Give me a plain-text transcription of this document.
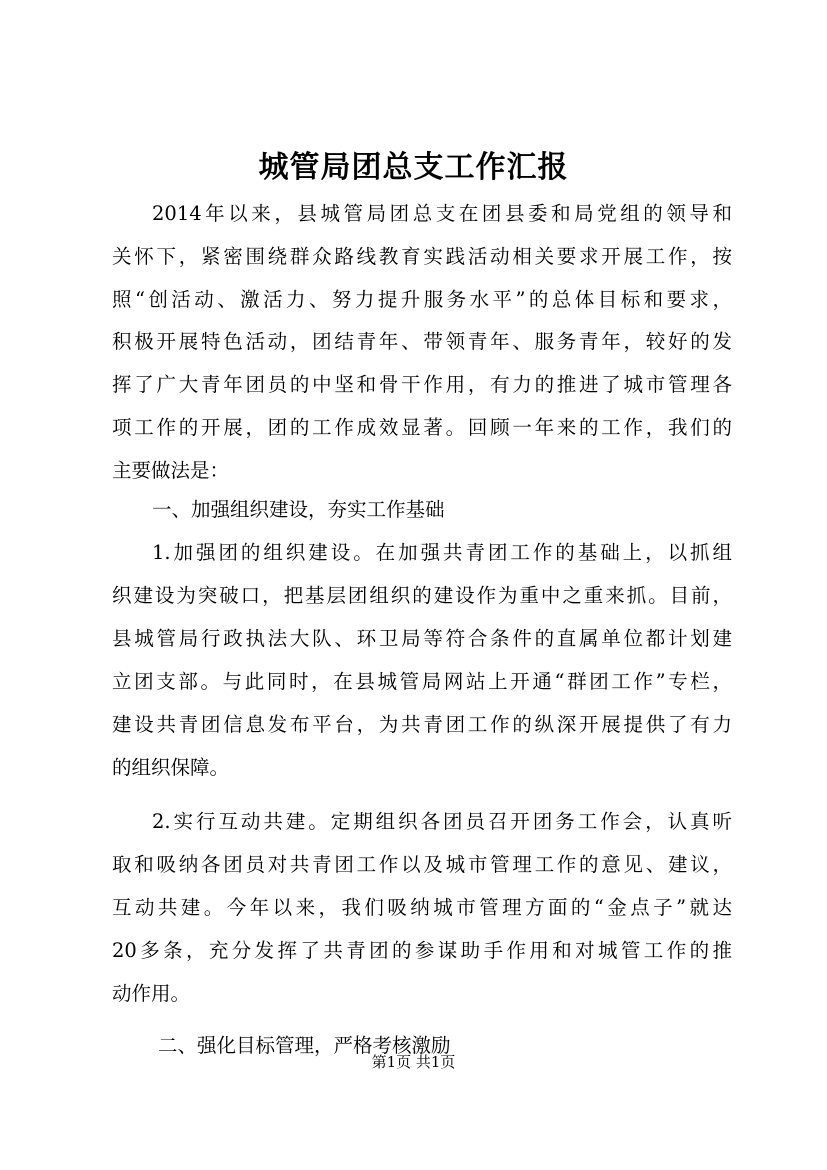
城管局团总支工作汇报
2014年以来，县城管局团总支在团县委和局党组的领导和
关怀下，紧密围绕群众路线教育实践活动相关要求开展工作，按
照“创活动、激活力、努力提升服务水平”的总体目标和要求，
积极开展特色活动，团结青年、带领青年、服务青年，较好的发
挥了广大青年团员的中坚和骨干作用，有力的推进了城市管理各
项工作的开展，团的工作成效显著。回顾一年来的工作，我们的
主要做法是：
一、加强组织建设，夯实工作基础
1.加强团的组织建设。在加强共青团工作的基础上，以抓组
织建设为突破口，把基层团组织的建设作为重中之重来抓。目前，
县城管局行政执法大队、环卫局等符合条件的直属单位都计划建
立团支部。与此同时，在县城管局网站上开通“群团工作”专栏，
建设共青团信息发布平台，为共青团工作的纵深开展提供了有力
的组织保障。
2.实行互动共建。定期组织各团员召开团务工作会，认真听
取和吸纳各团员对共青团工作以及城市管理工作的意见、建议，
互动共建。今年以来，我们吸纳城市管理方面的“金点子”就达
20多条，充分发挥了共青团的参谋助手作用和对城管工作的推
动作用。
二、强化目标管理，严格考核激励
第1页 共1页
